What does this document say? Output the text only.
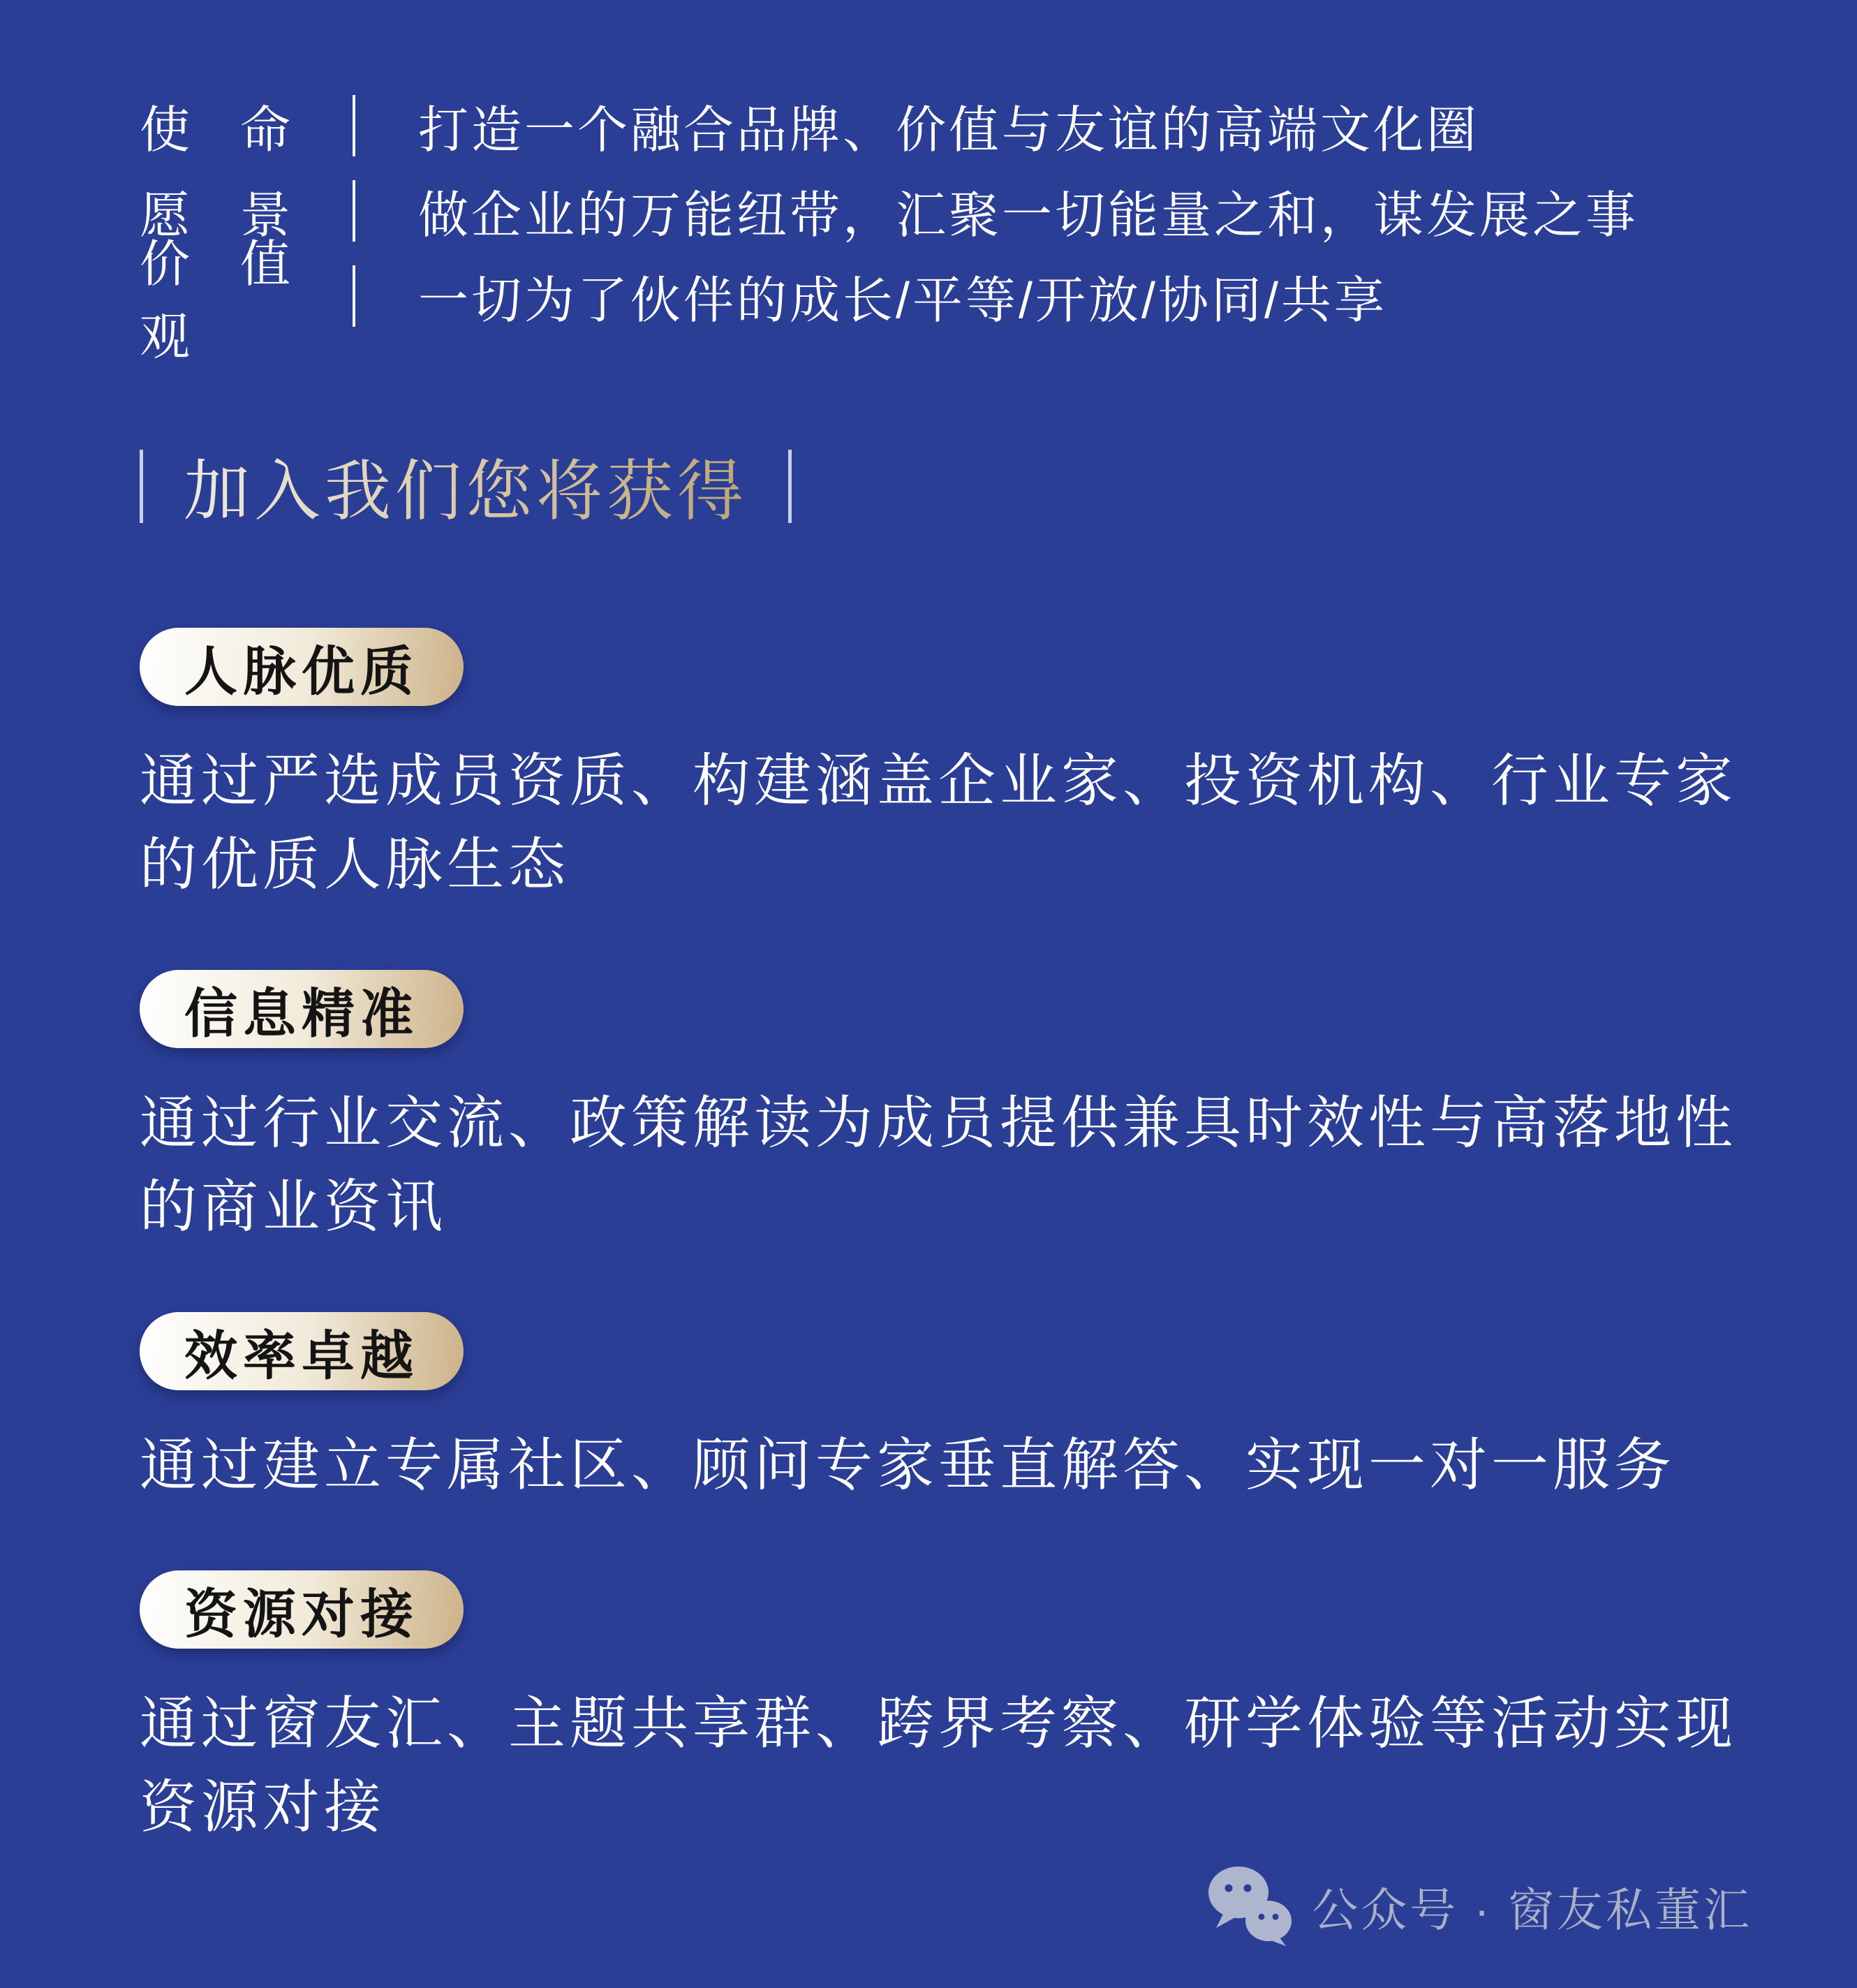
使命 打造一个融合品牌、价值与友谊的高端文化圈
愿景 做企业的万能纽带，汇聚一切能量之和，谋发展之事
价值观
一切为了伙伴的成长/平等/开放/协同/共享
加入我们您将获得
人脉优质

通过严选成员资质、构建涵盖企业家、投资机构、行业专家的优质人脉生态

信息精准

通过行业交流、政策解读为成员提供兼具时效性与高落地性的商业资讯

效率卓越

通过建立专属社区、顾问专家垂直解答、实现一对一服务

资源对接

通过窗友汇、主题共享群、跨界考察、研学体验等活动实现资源对接

公众号 · 窗友私董汇
